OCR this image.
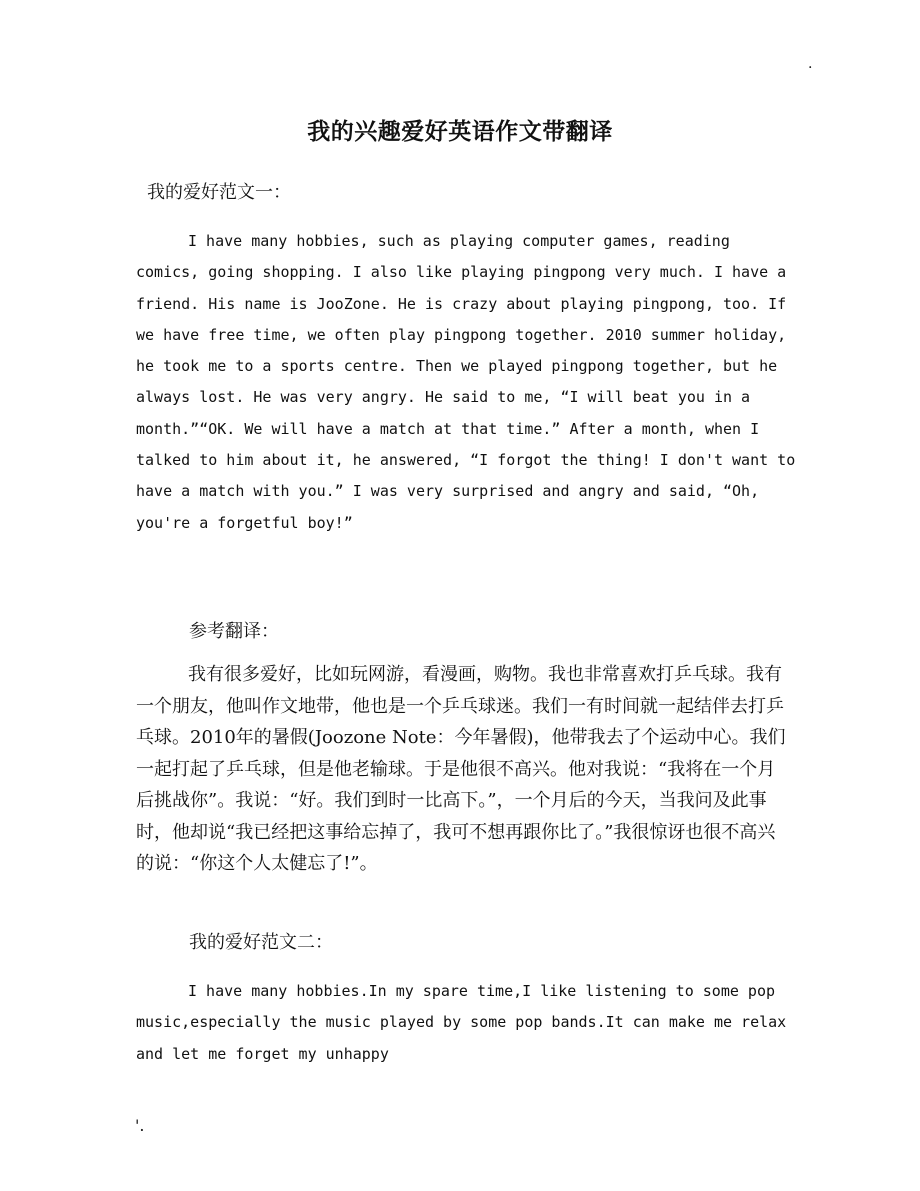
.
我的兴趣爱好英语作文带翻译
我的爱好范文一：

I have many hobbies, such as playing computer games, reading comics, going shopping. I also like playing pingpong very much. I have a friend. His name is JooZone. He is crazy about playing pingpong, too. If we have free time, we often play pingpong together. 2010 summer holiday, he took me to a sports centre. Then we played pingpong together, but he always lost. He was very angry. He said to me, “I will beat you in a month.”“OK. We will have a match at that time.” After a month, when I talked to him about it, he answered, “I forgot the thing! I don't want to have a match with you.” I was very surprised and angry and said, “Oh, you're a forgetful boy!”

参考翻译：

我有很多爱好，比如玩网游，看漫画，购物。我也非常喜欢打乒乓球。我有一个朋友，他叫作文地带，他也是一个乒乓球迷。我们一有时间就一起结伴去打乒乓球。2010年的暑假(Joozone Note：今年暑假)，他带我去了个运动中心。我们一起打起了乒乓球，但是他老输球。于是他很不高兴。他对我说：“我将在一个月后挑战你”。我说：“好。我们到时一比高下。”，一个月后的今天，当我问及此事时，他却说“我已经把这事给忘掉了，我可不想再跟你比了。”我很惊讶也很不高兴的说：“你这个人太健忘了!”。

我的爱好范文二：

I have many hobbies.In my spare time,I like listening to some pop music,especially the music played by some pop bands.It can make me relax and let me forget my unhappy

'.
